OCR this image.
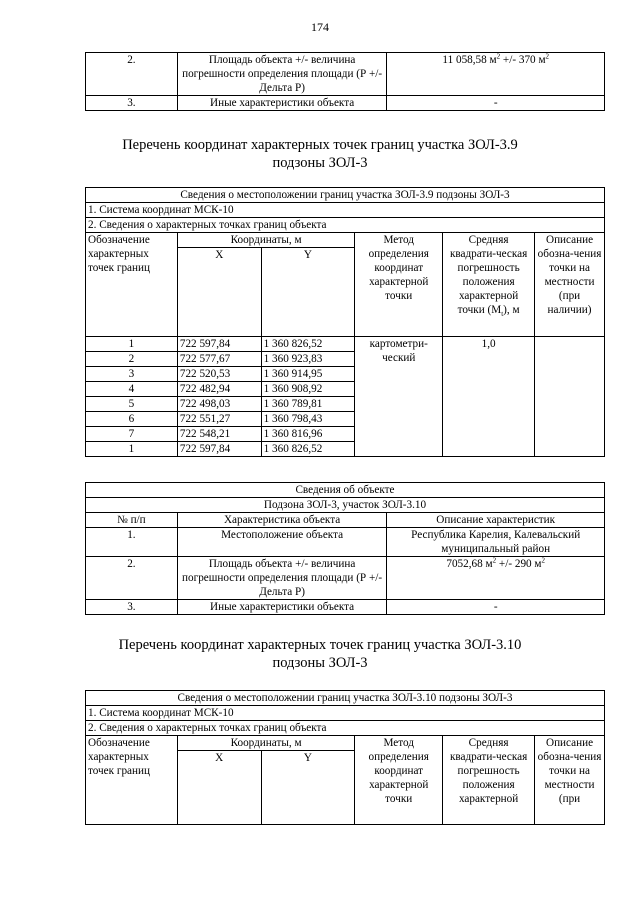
174
2.	Площадь объекта +/- величина погрешности определения площади (Р +/- Дельта Р)	11 058,58 $м^2$ +/- 370 $м^2$
3.	Иные характеристики объекта	-
Перечень координат характерных точек границ участка ЗОЛ-3.9
подзоны ЗОЛ-3
Сведения о местоположении границ участка ЗОЛ-3.9 подзоны ЗОЛ-3					
1. Система координат МСК-10					
2. Сведения о характерных точках границ объекта					
Обозначение характерных точек границ	Координаты, м		Метод определения координат характерной точки	Средняя квадрати-ческая погрешность положения характерной точки $(M_t)$, м	Описание обозна-чения точки на местности (при наличии)
	X	Y			
1	722 597,84	1 360 826,52	картометри-ческий	1,0	
2	722 577,67	1 360 923,83			
3	722 520,53	1 360 914,95			
4	722 482,94	1 360 908,92			
5	722 498,03	1 360 789,81			
6	722 551,27	1 360 798,43			
7	722 548,21	1 360 816,96			
1	722 597,84	1 360 826,52			
Сведения об объекте		
Подзона ЗОЛ-3, участок ЗОЛ-3.10		
№ п/п	Характеристика объекта	Описание характеристик
1.	Местоположение объекта	Республика Карелия, Калевальский муниципальный район
2.	Площадь объекта +/- величина погрешности определения площади (Р +/- Дельта Р)	7052,68 $м^2$ +/- 290 $м^2$
3.	Иные характеристики объекта	-
Перечень координат характерных точек границ участка ЗОЛ-3.10
подзоны ЗОЛ-3
Сведения о местоположении границ участка ЗОЛ-3.10 подзоны ЗОЛ-3					
1. Система координат МСК-10					
2. Сведения о характерных точках границ объекта					
Обозначение характерных точек границ	Координаты, м		Метод определения координат характерной точки	Средняя квадрати-ческая погрешность положения характерной	Описание обозна-чения точки на местности (при
	X	Y			
